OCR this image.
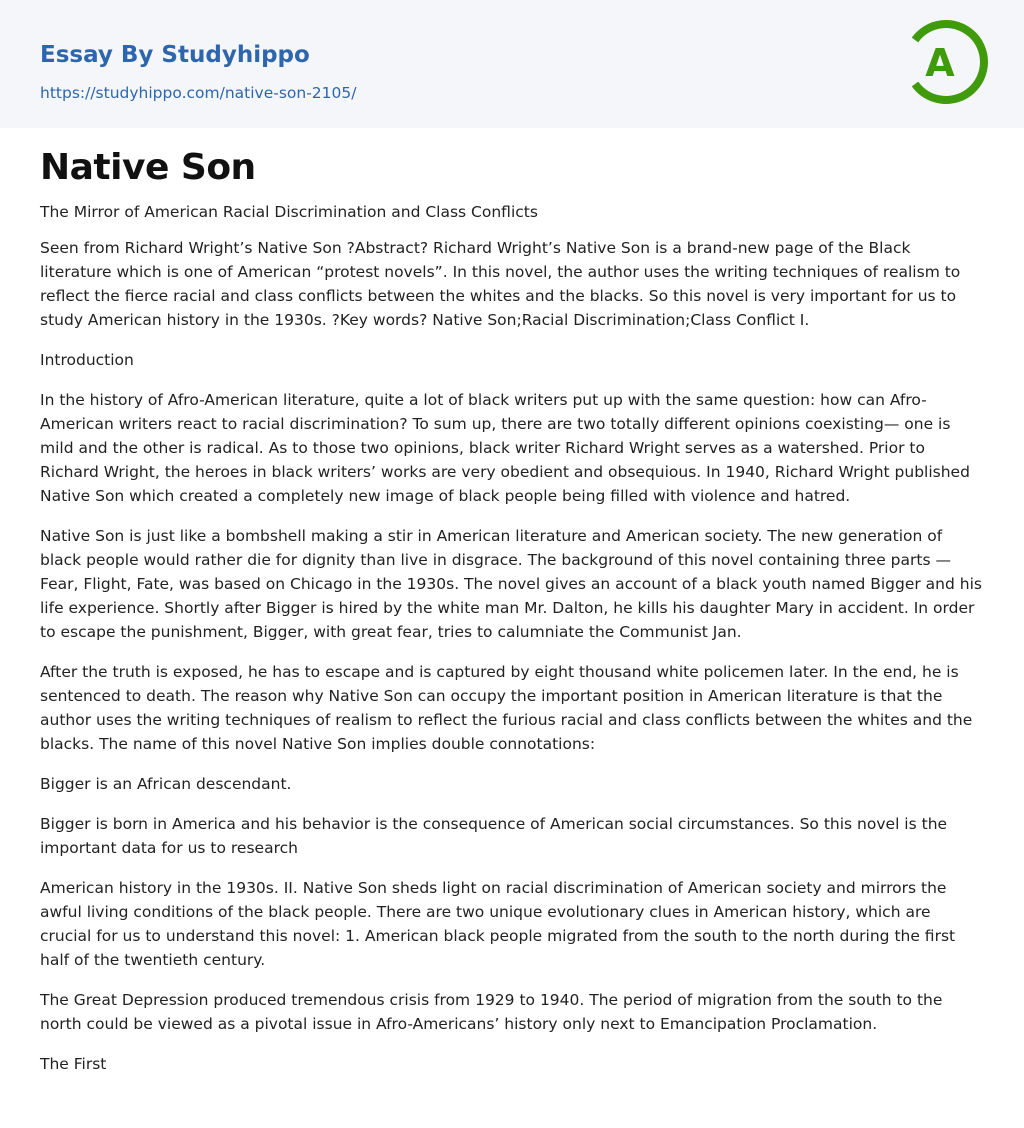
Essay By Studyhippo
https://studyhippo.com/native-son-2105/
A
Native Son
The Mirror of American Racial Discrimination and Class Conflicts

Seen from Richard Wright’s Native Son ?Abstract? Richard Wright’s Native Son is a brand-new page of the Black literature which is one of American “protest novels”. In this novel, the author uses the writing techniques of realism to reflect the fierce racial and class conflicts between the whites and the blacks. So this novel is very important for us to study American history in the 1930s. ?Key words? Native Son;Racial Discrimination;Class Conflict I.

Introduction

In the history of Afro-American literature, quite a lot of black writers put up with the same question: how can Afro-American writers react to racial discrimination? To sum up, there are two totally different opinions coexisting— one is mild and the other is radical. As to those two opinions, black writer Richard Wright serves as a watershed. Prior to Richard Wright, the heroes in black writers’ works are very obedient and obsequious. In 1940, Richard Wright published Native Son which created a completely new image of black people being filled with violence and hatred.

Native Son is just like a bombshell making a stir in American literature and American society. The new generation of black people would rather die for dignity than live in disgrace. The background of this novel containing three parts —Fear, Flight, Fate, was based on Chicago in the 1930s. The novel gives an account of a black youth named Bigger and his life experience. Shortly after Bigger is hired by the white man Mr. Dalton, he kills his daughter Mary in accident. In order to escape the punishment, Bigger, with great fear, tries to calumniate the Communist Jan.

After the truth is exposed, he has to escape and is captured by eight thousand white policemen later. In the end, he is sentenced to death. The reason why Native Son can occupy the important position in American literature is that the author uses the writing techniques of realism to reflect the furious racial and class conflicts between the whites and the blacks. The name of this novel Native Son implies double connotations:

Bigger is an African descendant.

Bigger is born in America and his behavior is the consequence of American social circumstances. So this novel is the important data for us to research

American history in the 1930s. II. Native Son sheds light on racial discrimination of American society and mirrors the awful living conditions of the black people. There are two unique evolutionary clues in American history, which are crucial for us to understand this novel: 1. American black people migrated from the south to the north during the first half of the twentieth century.

The Great Depression produced tremendous crisis from 1929 to 1940. The period of migration from the south to the north could be viewed as a pivotal issue in Afro-Americans’ history only next to Emancipation Proclamation.

The First
